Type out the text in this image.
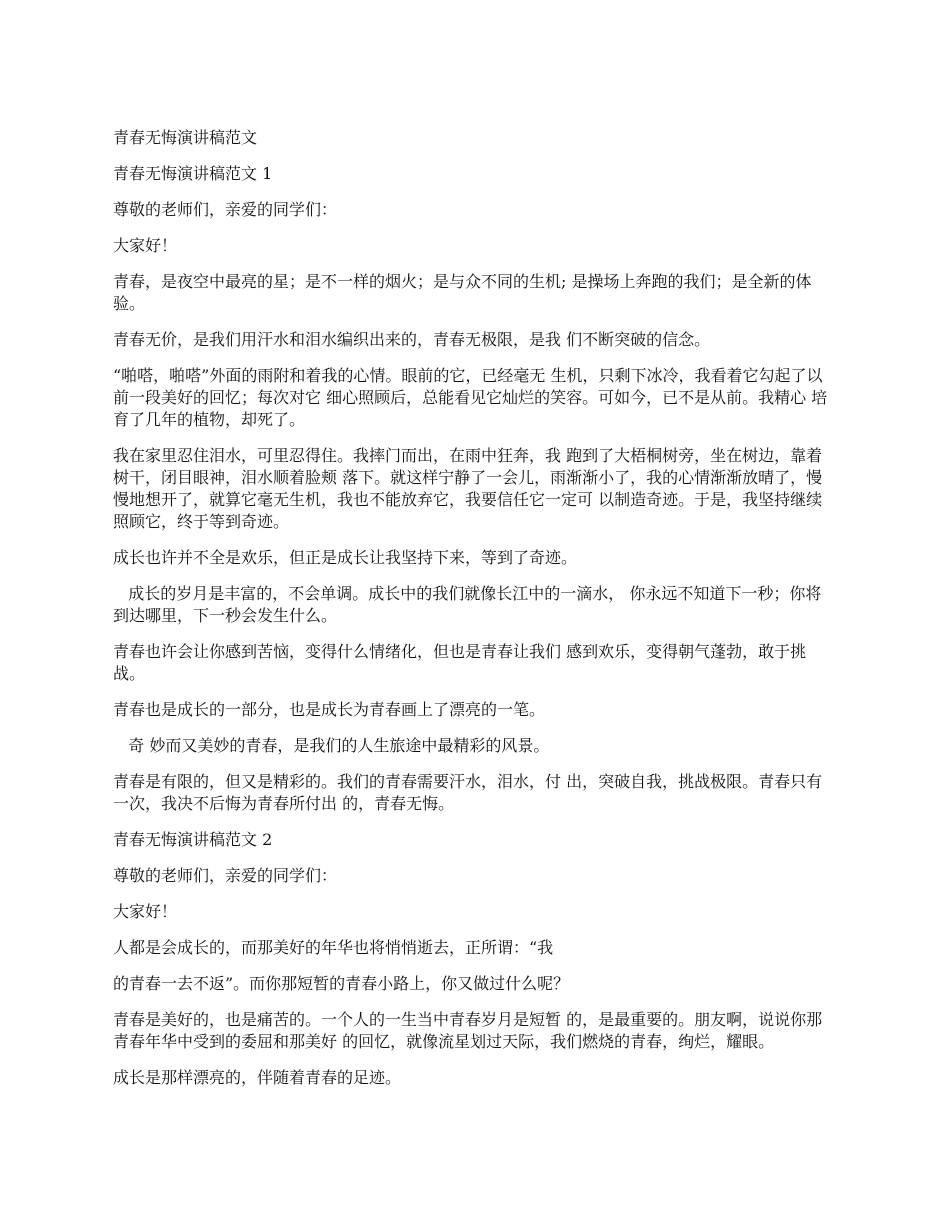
青春无悔演讲稿范文

青春无悔演讲稿范文 1

尊敬的老师们，亲爱的同学们：

大家好！

青春，是夜空中最亮的星；是不一样的烟火；是与众不同的生机; 是操场上奔跑的我们；是全新的体验。

青春无价，是我们用汗水和泪水编织出来的，青春无极限，是我 们不断突破的信念。

“啪嗒，啪嗒”外面的雨附和着我的心情。眼前的它，已经毫无 生机，只剩下冰冷，我看着它勾起了以前一段美好的回忆；每次对它 细心照顾后，总能看见它灿烂的笑容。可如今，已不是从前。我精心 培育了几年的植物，却死了。

我在家里忍住泪水，可里忍得住。我摔门而出，在雨中狂奔，我 跑到了大梧桐树旁，坐在树边，靠着树干，闭目眼神，泪水顺着脸颊 落下。就这样宁静了一会儿，雨渐渐小了，我的心情渐渐放晴了，慢 慢地想开了，就算它毫无生机，我也不能放弃它，我要信任它一定可 以制造奇迹。于是，我坚持继续照顾它，终于等到奇迹。

成长也许并不全是欢乐，但正是成长让我坚持下来，等到了奇迹。

成长的岁月是丰富的，不会单调。成长中的我们就像长江中的一滴水， 你永远不知道下一秒；你将到达哪里，下一秒会发生什么。

青春也许会让你感到苦恼，变得什么情绪化，但也是青春让我们 感到欢乐，变得朝气蓬勃，敢于挑战。

青春也是成长的一部分，也是成长为青春画上了漂亮的一笔。

奇 妙而又美妙的青春，是我们的人生旅途中最精彩的风景。

青春是有限的，但又是精彩的。我们的青春需要汗水，泪水，付 出，突破自我，挑战极限。青春只有一次，我决不后悔为青春所付出 的，青春无悔。

青春无悔演讲稿范文 2

尊敬的老师们，亲爱的同学们：

大家好！

人都是会成长的，而那美好的年华也将悄悄逝去，正所谓：“我

的青春一去不返”。而你那短暂的青春小路上，你又做过什么呢？

青春是美好的，也是痛苦的。一个人的一生当中青春岁月是短暂 的，是最重要的。朋友啊，说说你那青春年华中受到的委屈和那美好 的回忆，就像流星划过天际，我们燃烧的青春，绚烂，耀眼。

成长是那样漂亮的，伴随着青春的足迹。
